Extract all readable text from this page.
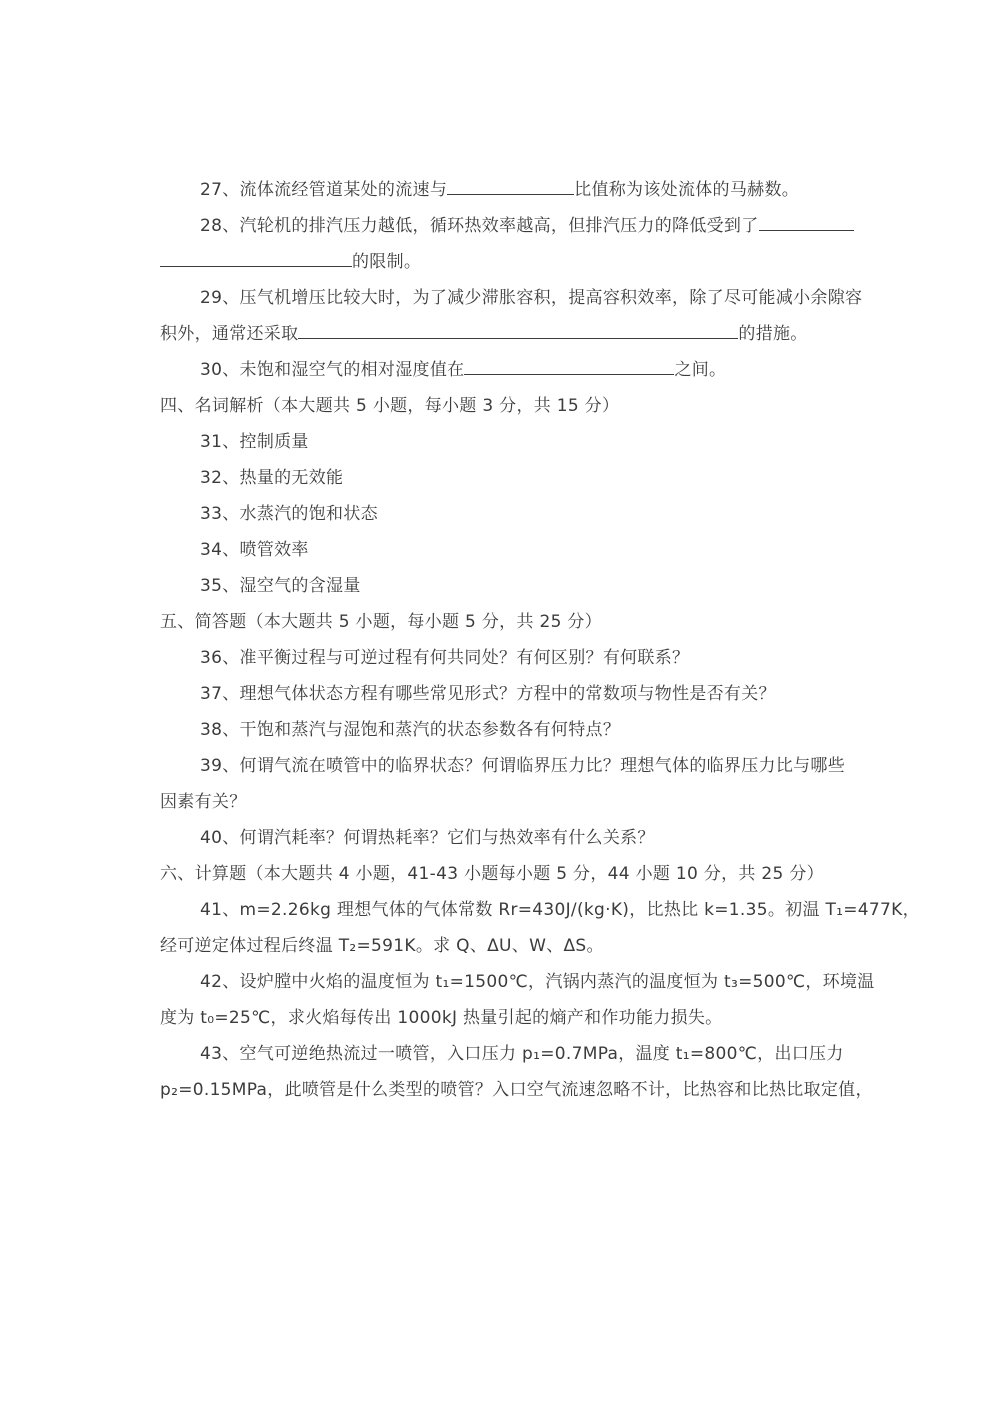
27、流体流经管道某处的流速与	比值称为该处流体的马赫数。
28、汽轮机的排汽压力越低，循环热效率越高，但排汽压力的降低受到了
的限制。
29、压气机增压比较大时，为了减少滞胀容积，提高容积效率，除了尽可能减小余隙容
积外，通常还采取	的措施。
30、未饱和湿空气的相对湿度值在	之间。
四、名词解析（本大题共 5 小题，每小题 3 分，共 15 分）
31、控制质量
32、热量的无效能
33、水蒸汽的饱和状态
34、喷管效率
35、湿空气的含湿量
五、简答题（本大题共 5 小题，每小题 5 分，共 25 分）
36、准平衡过程与可逆过程有何共同处？有何区别？有何联系？
37、理想气体状态方程有哪些常见形式？方程中的常数项与物性是否有关？
38、干饱和蒸汽与湿饱和蒸汽的状态参数各有何特点？
39、何谓气流在喷管中的临界状态？何谓临界压力比？理想气体的临界压力比与哪些
因素有关？
40、何谓汽耗率？何谓热耗率？它们与热效率有什么关系？
六、计算题（本大题共 4 小题，41-43 小题每小题 5 分，44 小题 10 分，共 25 分）
41、m=2.26kg 理想气体的气体常数 Rr=430J/(kg·K)，比热比 k=1.35。初温 T₁=477K，
经可逆定体过程后终温 T₂=591K。求 Q、ΔU、W、ΔS。
42、设炉膛中火焰的温度恒为 t₁=1500℃，汽锅内蒸汽的温度恒为 t₃=500℃，环境温
度为 t₀=25℃，求火焰每传出 1000kJ 热量引起的熵产和作功能力损失。
43、空气可逆绝热流过一喷管，入口压力 p₁=0.7MPa，温度 t₁=800℃，出口压力
p₂=0.15MPa，此喷管是什么类型的喷管？入口空气流速忽略不计，比热容和比热比取定值，
